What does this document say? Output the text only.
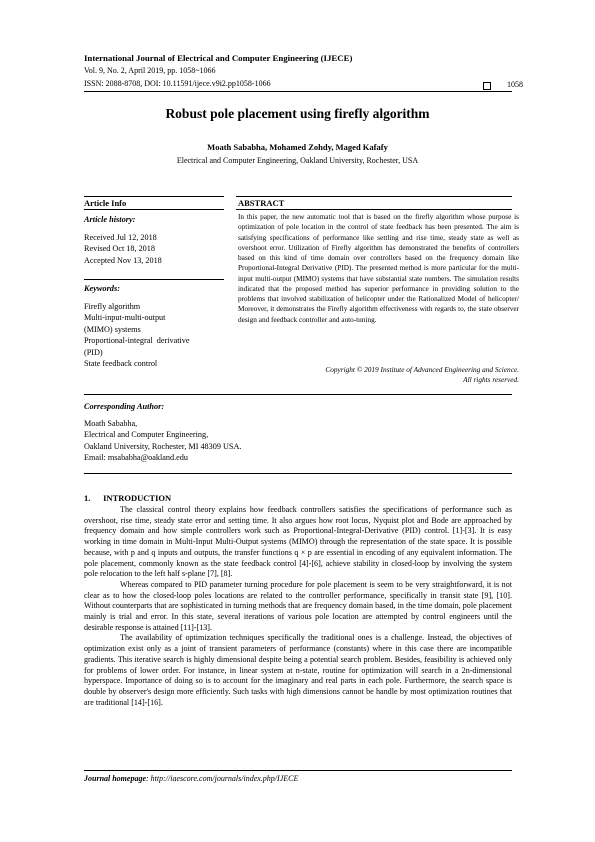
International Journal of Electrical and Computer Engineering (IJECE)
Vol. 9, No. 2, April 2019, pp. 1058~1066
ISSN: 2088-8708, DOI: 10.11591/ijece.v9i2.pp1058-1066	1058
Robust pole placement using firefly algorithm
Moath Sababha, Mohamed Zohdy, Maged Kafafy
Electrical and Computer Engineering, Oakland University, Rochester, USA
Article Info	ABSTRACT
Article history:
Received Jul 12, 2018
Revised Oct 18, 2018
Accepted Nov 13, 2018
Keywords:
Firefly algorithm
Multi-input-multi-output
(MIMO) systems
Proportional-integral  derivative
(PID)
State feedback control
In this paper, the new automatic tool that is based on the firefly algorithm whose purpose is optimization of pole location in the control of state feedback has been presented. The aim is satisfying specifications of performance like settling and rise time, steady state as well as overshoot error. Utilization of Firefly algorithm has demonstrated the benefits of controllers based on this kind of time domain over controllers based on the frequency domain like Proportional-Integral Derivative (PID). The presented method is more particular for the multi-input multi-output (MIMO) systems that have substantial state numbers. The simulation results indicated that the proposed method has superior performance in providing solution to the problems that involved stabilization of helicopter under the Rationalized Model of helicopter/ Moreover, it demonstrates the Firefly algorithm effectiveness with regards to, the state observer design and feedback controller and auto-tuning.
Copyright © 2019 Institute of Advanced Engineering and Science.
All rights reserved.
Corresponding Author:
Moath Sababha,
Electrical and Computer Engineering,
Oakland University, Rochester, MI 48309 USA.
Email: msababha@oakland.edu
1.      INTRODUCTION

The classical control theory explains how feedback controllers satisfies the specifications of performance such as overshoot, rise time, steady state error and setting time. It also argues how root locus, Nyquist plot and Bode are approached by frequency domain and how simple controllers work such as Proportional-Integral-Derivative (PID) control. [1]-[3]. It is easy working in time domain in Multi-Input Multi-Output systems (MIMO) through the representation of the state space. It is possible because, with p and q inputs and outputs, the transfer functions q × p are essential in encoding of any equivalent information. The pole placement, commonly known as the state feedback control [4]-[6], achieve stability in closed-loop by involving the system pole relocation to the left half s-plane [7], [8].

Whereas compared to PID parameter turning procedure for pole placement is seem to be very straightforward, it is not clear as to how the closed-loop poles locations are related to the controller performance, specifically in transit state [9], [10]. Without counterparts that are sophisticated in turning methods that are frequency domain based, in the time domain, pole placement mainly is trial and error. In this state, several iterations of various pole location are attempted by control engineers until the desirable response is attained [11]-[13].

The availability of optimization techniques specifically the traditional ones is a challenge. Instead, the objectives of optimization exist only as a joint of transient parameters of performance (constants) where in this case there are incompatible gradients. This iterative search is highly dimensional despite being a potential search problem. Besides, feasibility is achieved only for problems of lower order. For instance, in linear system at n-state, routine for optimization will search in a 2n-dimensional hyperspace. Importance of doing so is to account for the imaginary and real parts in each pole. Furthermore, the search space is double by observer's design more efficiently. Such tasks with high dimensions cannot be handle by most optimization routines that are traditional [14]-[16].

Journal homepage: http://iaescore.com/journals/index.php/IJECE
